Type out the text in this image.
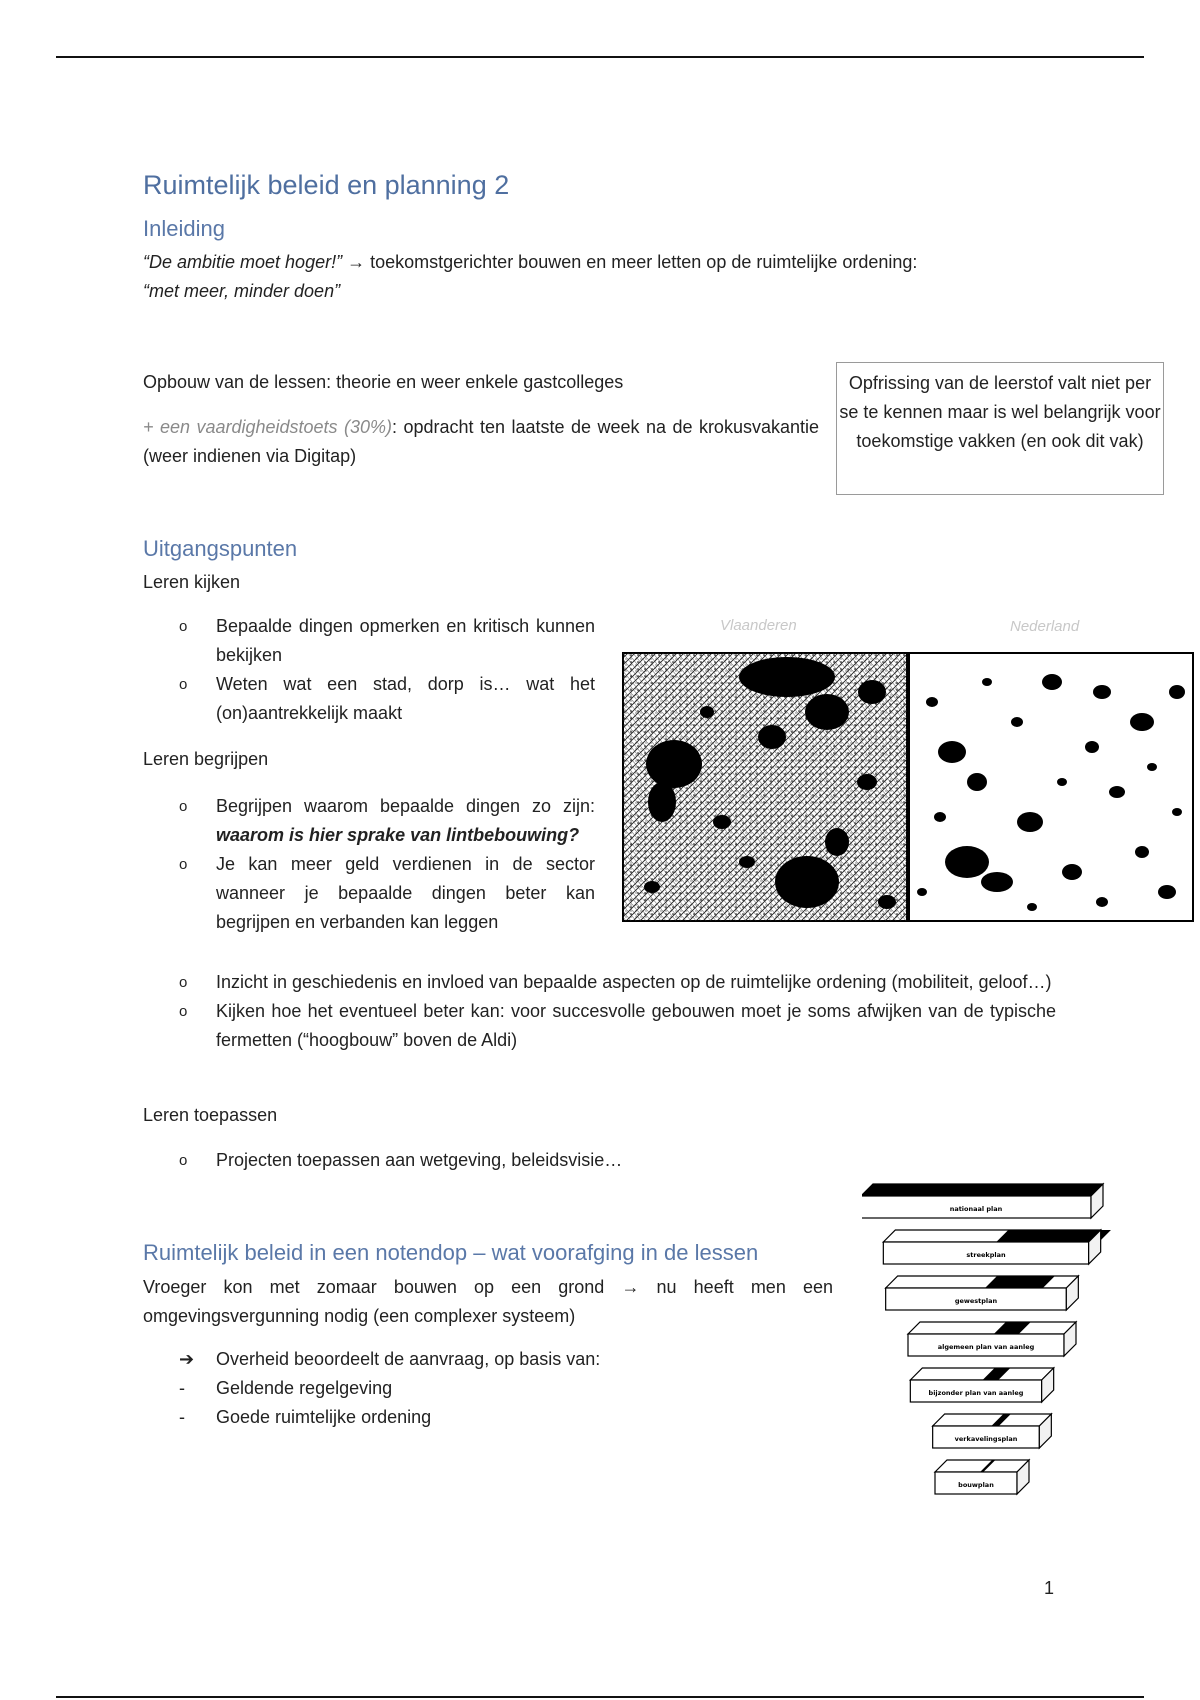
Ruimtelijk beleid en planning 2
Inleiding
“De ambitie moet hoger!” → toekomstgerichter bouwen en meer letten op de ruimtelijke ordening:
“met meer, minder doen”
Opbouw van de lessen: theorie en weer enkele gastcolleges
+ een vaardigheidstoets (30%): opdracht ten laatste de week na de krokusvakantie (weer indienen via Digitap)
Opfrissing van de leerstof valt niet per se te kennen maar is wel belangrijk voor toekomstige vakken (en ook dit vak)
Uitgangspunten
Leren kijken
o Bepaalde dingen opmerken en kritisch kunnen bekijken
o Weten wat een stad, dorp is… wat het (on)aantrekkelijk maakt
Leren begrijpen
o Begrijpen waarom bepaalde dingen zo zijn: waarom is hier sprake van lintbebouwing?
o Je kan meer geld verdienen in de sector wanneer je bepaalde dingen beter kan begrijpen en verbanden kan leggen
o Inzicht in geschiedenis en invloed van bepaalde aspecten op de ruimtelijke ordening (mobiliteit, geloof…)
o Kijken hoe het eventueel beter kan: voor succesvolle gebouwen moet je soms afwijken van de typische fermetten (“hoogbouw” boven de Aldi)
Leren toepassen
o Projecten toepassen aan wetgeving, beleidsvisie…
Vlaanderen	Nederland
Ruimtelijk beleid in een notendop – wat voorafging in de lessen
Vroeger kon met zomaar bouwen op een grond → nu heeft men een omgevingsvergunning nodig (een complexer systeem)
➔ Overheid beoordeelt de aanvraag, op basis van:
- Geldende regelgeving
- Goede ruimtelijke ordening
nationaal plan
streekplan
gewestplan
algemeen plan van aanleg
bijzonder plan van aanleg
verkavelingsplan
bouwplan
1
